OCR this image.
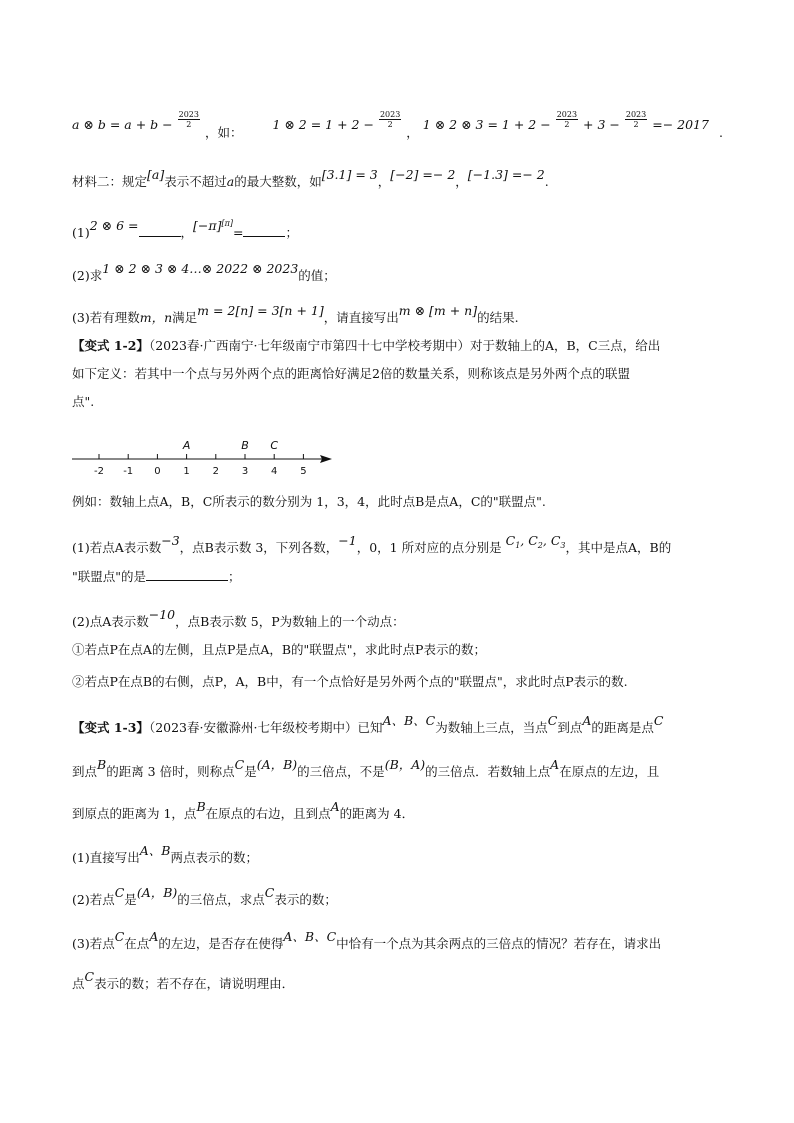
a ⊗ $b = a + b - \frac{2023}{2}$
，如：  1 ⊗ $2 = 1 + 2 - \frac{2023}{2}$
， 1 ⊗ 2 ⊗ $3 = 1 + 2 - \frac{2023}{2} + 3 - \frac{2023}{2} =- 2017$ .
材料二：规定[a]表示不超过a的最大整数，如[3.1] = 3，[−2] =− 2，[−1.3] =− 2.
(1)2 ⊗ 6 =	，[−π][π]=	；
(2)求1 ⊗ 2 ⊗ 3 ⊗ 4…⊗ 2022 ⊗ 2023的值；
(3)若有理数m，n满足m = 2[n] = 3[n + 1]，请直接写出m ⊗ [m + n]的结果.
【变式 1-2】（2023春·广西南宁·七年级南宁市第四十七中学校考期中）对于数轴上的A，B，C三点，给出
如下定义：若其中一个点与另外两个点的距离恰好满足2倍的数量关系，则称该点是另外两个点的联盟
点".
-2 -1 0 1 2 3 4 5
A	B C
例如：数轴上点A，B，C所表示的数分别为 1，3，4，此时点B是点A，C的"联盟点".
(1)若点A表示数−3，点B表示数 3，下列各数，−1，0，1 所对应的点分别是 $C_1$, $C_2$, $C_3$，其中是点A，B的
"联盟点"的是	；
(2)点A表示数−10，点B表示数 5，P为数轴上的一个动点：
①若点P在点A的左侧，且点P是点A，B的"联盟点"，求此时点P表示的数；
②若点P在点B的右侧，点P，A，B中，有一个点恰好是另外两个点的"联盟点"，求此时点P表示的数.
【变式 1-3】（2023春·安徽滁州·七年级校考期中）已知A、B、C为数轴上三点，当点C到点A的距离是点C
到点B的距离 3 倍时，则称点C是(A，B)的三倍点，不是(B，A)的三倍点．若数轴上点A在原点的左边，且
到原点的距离为 1，点B在原点的右边，且到点A的距离为 4．
(1)直接写出A、B两点表示的数；
(2)若点C是(A，B)的三倍点，求点C表示的数；
(3)若点C在点A的左边，是否存在使得A、B、C中恰有一个点为其余两点的三倍点的情况？若存在，请求出
点C表示的数；若不存在，请说明理由．
